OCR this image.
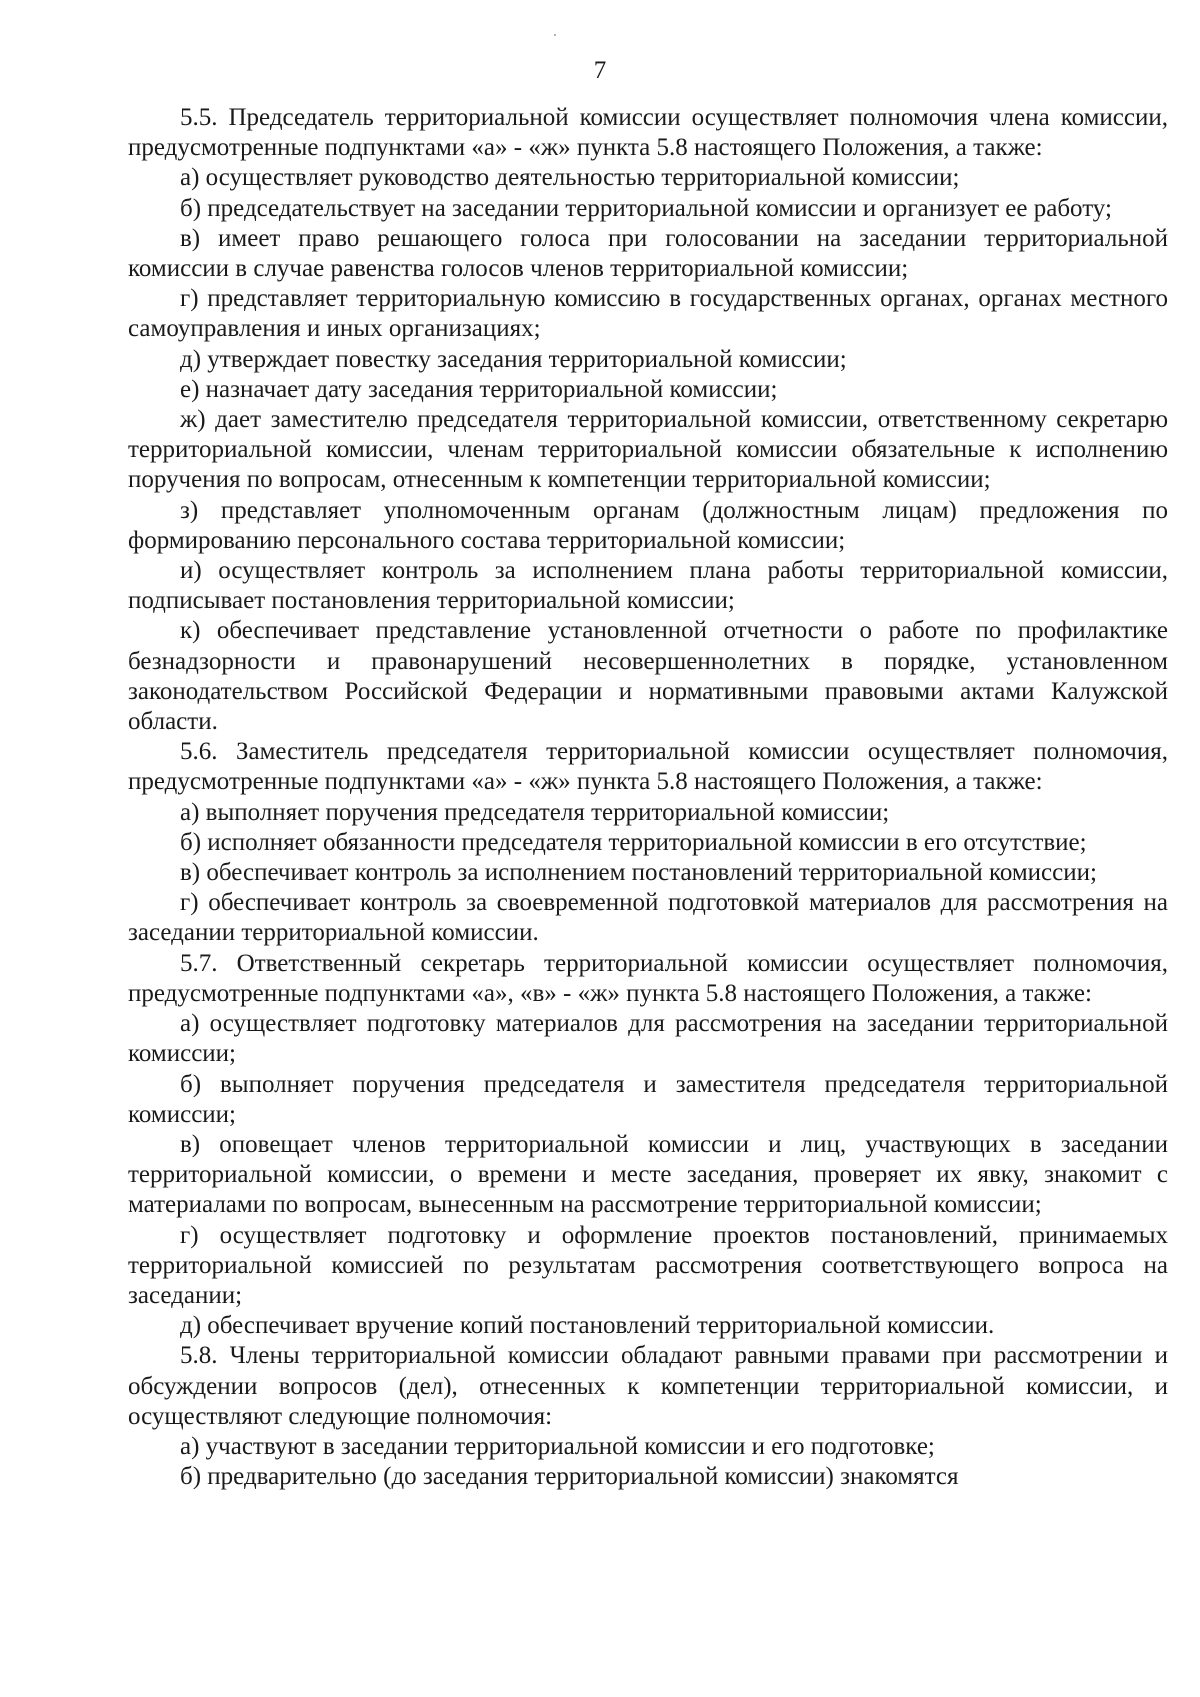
7

5.5. Председатель территориальной комиссии осуществляет полномочия члена комиссии, предусмотренные подпунктами «а» - «ж» пункта 5.8 настоящего Положения, а также:

а) осуществляет руководство деятельностью территориальной комиссии;

б) председательствует на заседании территориальной комиссии и организует ее работу;

в) имеет право решающего голоса при голосовании на заседании территориальной комиссии в случае равенства голосов членов территориальной комиссии;

г) представляет территориальную комиссию в государственных органах, органах местного самоуправления и иных организациях;

д) утверждает повестку заседания территориальной комиссии;

е) назначает дату заседания территориальной комиссии;

ж) дает заместителю председателя территориальной комиссии, ответственному секретарю территориальной комиссии, членам территориальной комиссии обязательные к исполнению поручения по вопросам, отнесенным к компетенции территориальной комиссии;

з) представляет уполномоченным органам (должностным лицам) предложения по формированию персонального состава территориальной комиссии;

и) осуществляет контроль за исполнением плана работы территориальной комиссии, подписывает постановления территориальной комиссии;

к) обеспечивает представление установленной отчетности о работе по профилактике безнадзорности и правонарушений несовершеннолетних в порядке, установленном законодательством Российской Федерации и нормативными правовыми актами Калужской области.

5.6. Заместитель председателя территориальной комиссии осуществляет полномочия, предусмотренные подпунктами «а» - «ж» пункта 5.8 настоящего Положения, а также:

а) выполняет поручения председателя территориальной комиссии;

б) исполняет обязанности председателя территориальной комиссии в его отсутствие;

в) обеспечивает контроль за исполнением постановлений территориальной комиссии;

г) обеспечивает контроль за своевременной подготовкой материалов для рассмотрения на заседании территориальной комиссии.

5.7. Ответственный секретарь территориальной комиссии осуществляет полномочия, предусмотренные подпунктами «а», «в» - «ж» пункта 5.8 настоящего Положения, а также:

а) осуществляет подготовку материалов для рассмотрения на заседании территориальной комиссии;

б) выполняет поручения председателя и заместителя председателя территориальной комиссии;

в) оповещает членов территориальной комиссии и лиц, участвующих в заседании территориальной комиссии, о времени и месте заседания, проверяет их явку, знакомит с материалами по вопросам, вынесенным на рассмотрение территориальной комиссии;

г) осуществляет подготовку и оформление проектов постановлений, принимаемых территориальной комиссией по результатам рассмотрения соответствующего вопроса на заседании;

д) обеспечивает вручение копий постановлений территориальной комиссии.

5.8. Члены территориальной комиссии обладают равными правами при рассмотрении и обсуждении вопросов (дел), отнесенных к компетенции территориальной комиссии, и осуществляют следующие полномочия:

а) участвуют в заседании территориальной комиссии и его подготовке;

б) предварительно (до заседания территориальной комиссии) знакомятся
